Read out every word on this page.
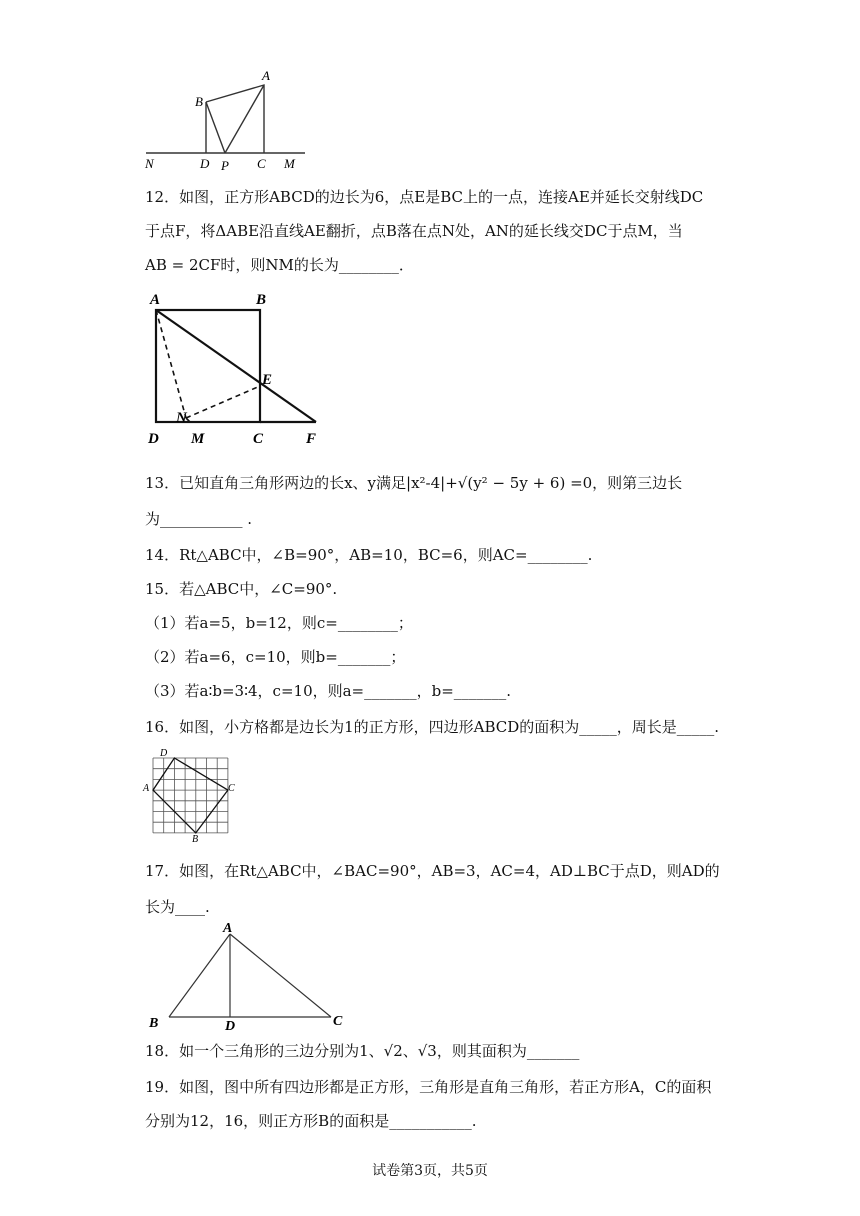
A
B
N	D P C M
12．如图，正方形ABCD的边长为6，点E是BC上的一点，连接AE并延长交射线DC
于点F，将ΔABE沿直线AE翻折，点B落在点N处，AN的延长线交DC于点M，当
AB = 2CF时，则NM的长为________．
A	B
E
N
D M	C	F
13．已知直角三角形两边的长x、y满足|x²-4|+√(y² − 5y + 6) =0，则第三边长
为___________ .
14．Rt△ABC中，∠B=90°，AB=10，BC=6，则AC=________.
15．若△ABC中，∠C=90°.
（1）若a=5，b=12，则c=________；
（2）若a=6，c=10，则b=_______；
（3）若a∶b=3∶4，c=10，则a=_______，b=_______.
16．如图，小方格都是边长为1的正方形，四边形ABCD的面积为_____，周长是_____.
D
A	C
B
17．如图，在Rt△ABC中，∠BAC=90°，AB=3，AC=4，AD⊥BC于点D，则AD的
长为____.
A
B	D	C
18．如一个三角形的三边分别为1、√2、√3，则其面积为_______
19．如图，图中所有四边形都是正方形，三角形是直角三角形，若正方形A，C的面积
分别为12，16，则正方形B的面积是___________.
试卷第3页，共5页
